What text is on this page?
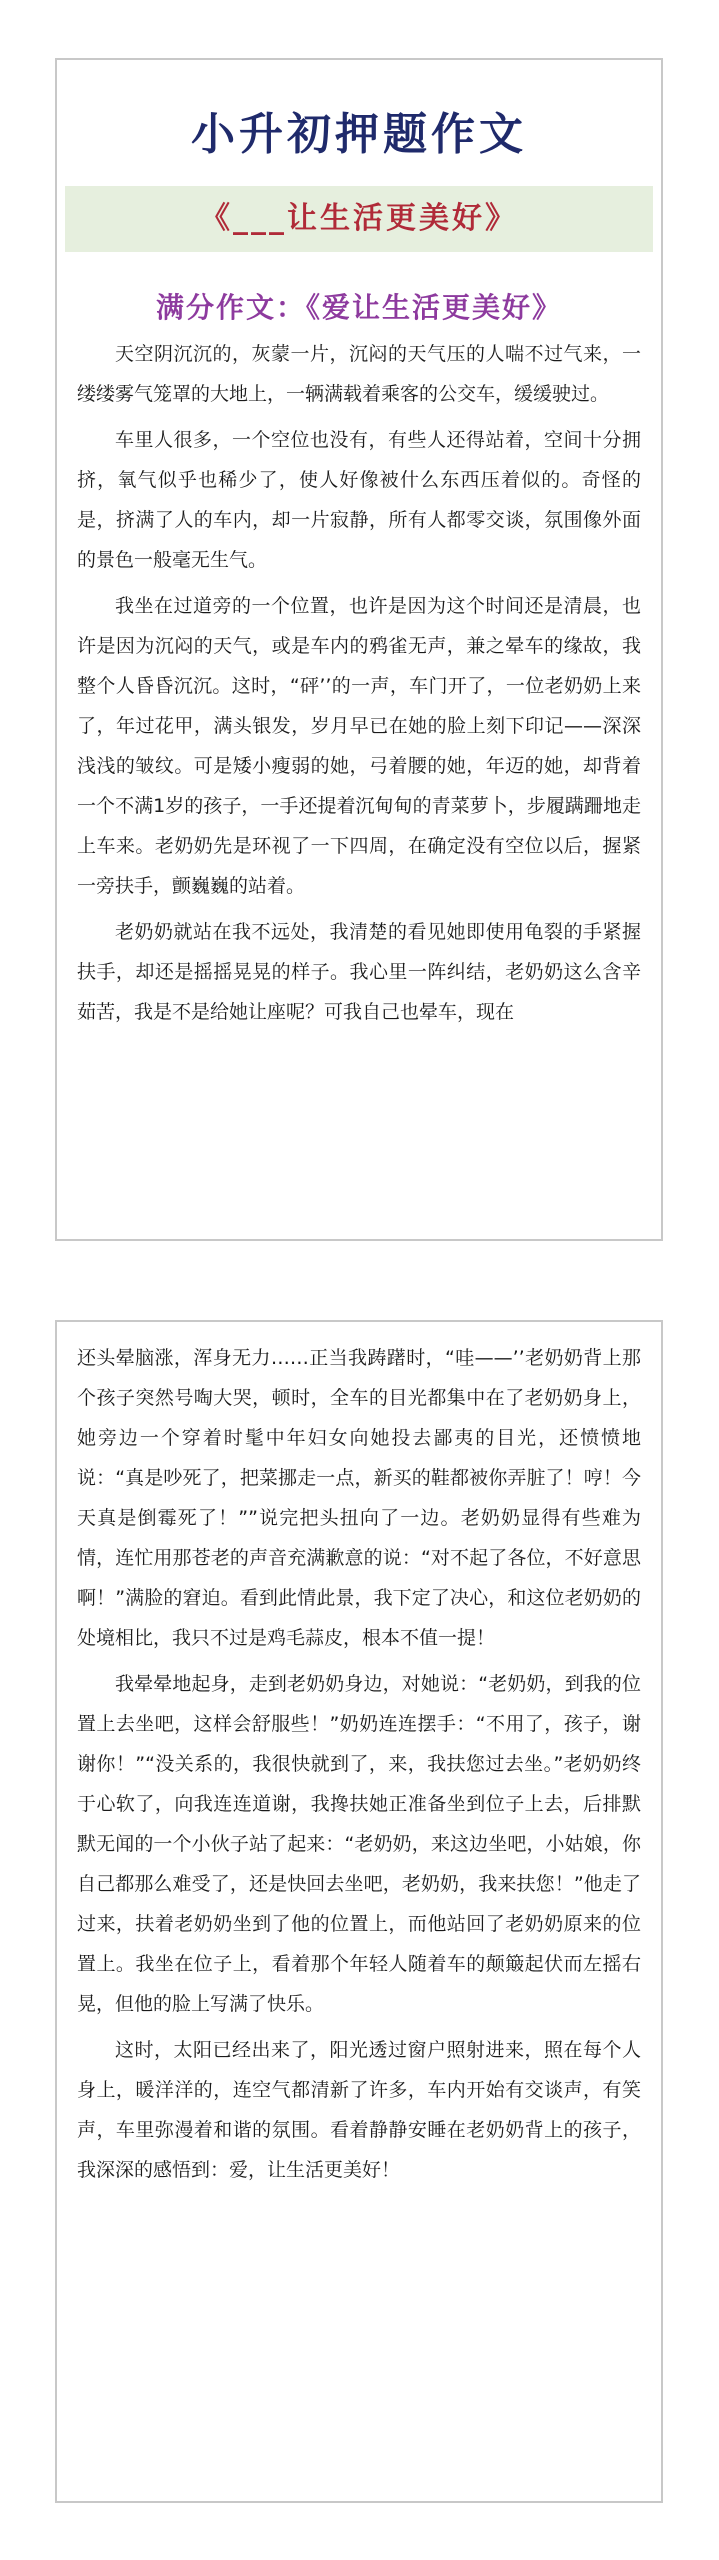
小升初押题作文
《___让生活更美好》
满分作文：《爱让生活更美好》

天空阴沉沉的，灰蒙一片，沉闷的天气压的人喘不过气来，一缕缕雾气笼罩的大地上，一辆满载着乘客的公交车，缓缓驶过。

车里人很多，一个空位也没有，有些人还得站着，空间十分拥挤，氧气似乎也稀少了，使人好像被什么东西压着似的。奇怪的是，挤满了人的车内，却一片寂静，所有人都零交谈，氛围像外面的景色一般毫无生气。

我坐在过道旁的一个位置，也许是因为这个时间还是清晨，也许是因为沉闷的天气，或是车内的鸦雀无声，兼之晕车的缘故，我整个人昏昏沉沉。这时，“砰’’的一声，车门开了，一位老奶奶上来了，年过花甲，满头银发，岁月早已在她的脸上刻下印记——深深浅浅的皱纹。可是矮小瘦弱的她，弓着腰的她，年迈的她，却背着一个不满1岁的孩子，一手还提着沉甸甸的青菜萝卜，步履蹒跚地走上车来。老奶奶先是环视了一下四周，在确定没有空位以后，握紧一旁扶手，颤巍巍的站着。

老奶奶就站在我不远处，我清楚的看见她即使用龟裂的手紧握扶手，却还是摇摇晃晃的样子。我心里一阵纠结，老奶奶这么含辛茹苦，我是不是给她让座呢？可我自己也晕车，现在

还头晕脑涨，浑身无力……正当我踌躇时，“哇——’’老奶奶背上那个孩子突然号啕大哭，顿时，全车的目光都集中在了老奶奶身上，她旁边一个穿着时髦中年妇女向她投去鄙夷的目光，还愤愤地说：“真是吵死了，把菜挪走一点，新买的鞋都被你弄脏了！哼！今天真是倒霉死了！””说完把头扭向了一边。老奶奶显得有些难为情，连忙用那苍老的声音充满歉意的说：“对不起了各位，不好意思啊！”满脸的窘迫。看到此情此景，我下定了决心，和这位老奶奶的处境相比，我只不过是鸡毛蒜皮，根本不值一提！

我晕晕地起身，走到老奶奶身边，对她说：“老奶奶，到我的位置上去坐吧，这样会舒服些！”奶奶连连摆手：“不用了，孩子，谢谢你！”“没关系的，我很快就到了，来，我扶您过去坐。”老奶奶终于心软了，向我连连道谢，我搀扶她正准备坐到位子上去，后排默默无闻的一个小伙子站了起来：“老奶奶，来这边坐吧，小姑娘，你自己都那么难受了，还是快回去坐吧，老奶奶，我来扶您！”他走了过来，扶着老奶奶坐到了他的位置上，而他站回了老奶奶原来的位置上。我坐在位子上，看着那个年轻人随着车的颠簸起伏而左摇右晃，但他的脸上写满了快乐。

这时，太阳已经出来了，阳光透过窗户照射进来，照在每个人身上，暖洋洋的，连空气都清新了许多，车内开始有交谈声，有笑声，车里弥漫着和谐的氛围。看着静静安睡在老奶奶背上的孩子，我深深的感悟到：爱，让生活更美好！
